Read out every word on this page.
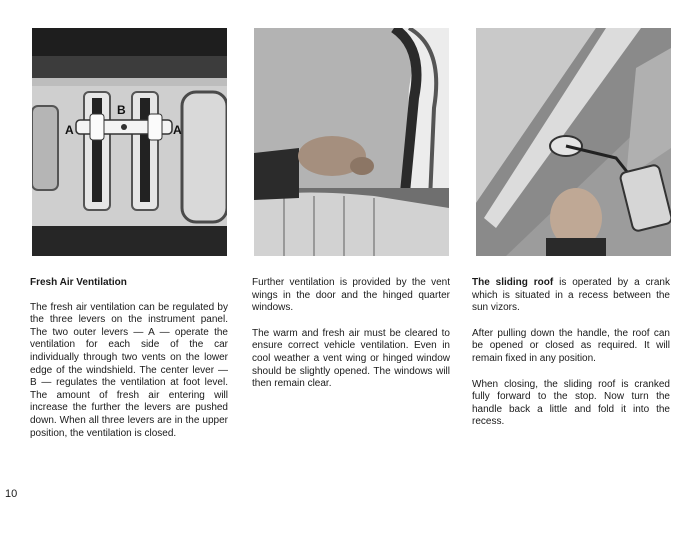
B
A	A
Fresh Air Ventilation

The fresh air ventilation can be regulated by the three levers on the instrument panel. The two outer levers — A — operate the ventilation for each side of the car individually through two vents on the lower edge of the windshield. The center lever — B — regulates the ventilation at foot level. The amount of fresh air entering will increase the further the levers are pushed down. When all three levers are in the upper position, the ventilation is closed.

Further ventilation is provided by the vent wings in the door and the hinged quarter windows.

The warm and fresh air must be cleared to ensure correct vehicle ventilation. Even in cool weather a vent wing or hinged window should be slightly opened. The windows will then remain clear.

The sliding roof is operated by a crank which is situated in a recess between the sun vizors.

After pulling down the handle, the roof can be opened or closed as required. It will remain fixed in any position.

When closing, the sliding roof is cranked fully forward to the stop. Now turn the handle back a little and fold it into the recess.

10
